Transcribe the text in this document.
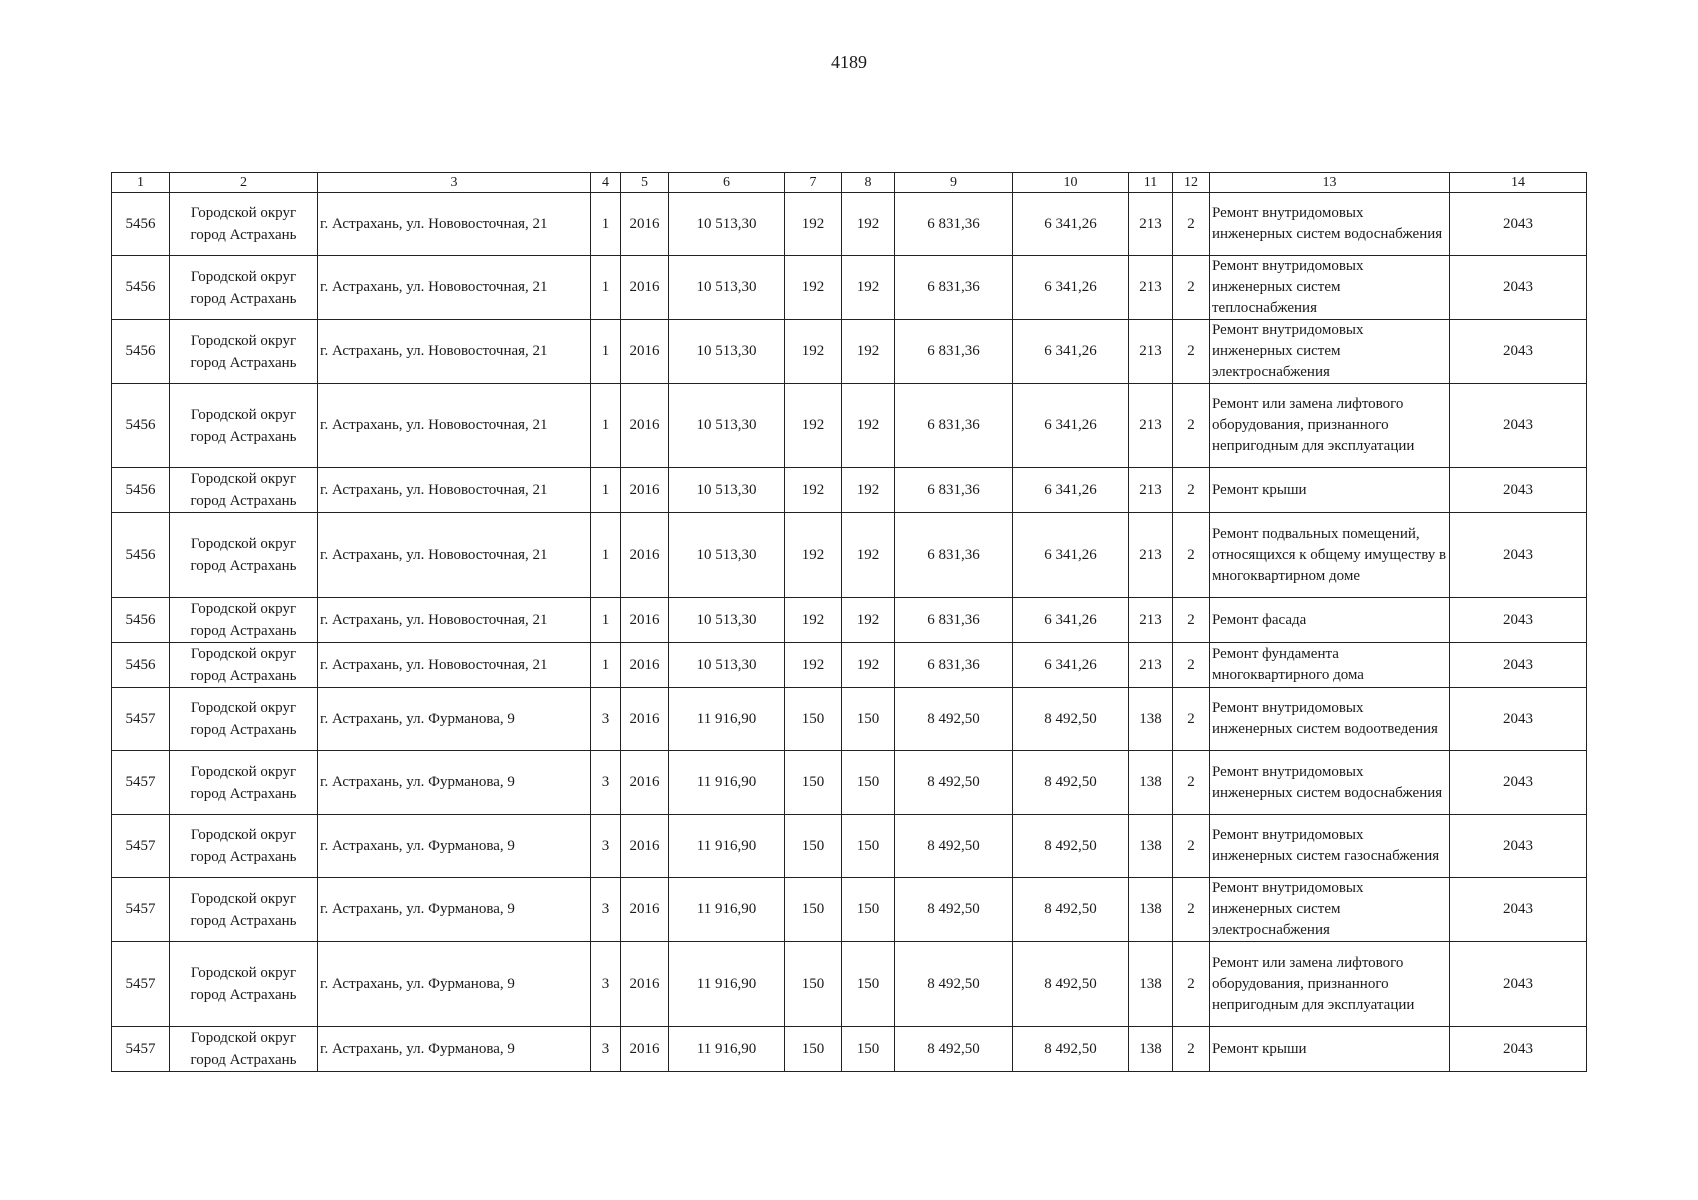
4189
1	2	3	4	5	6	7	8	9	10	11	12	13	14
5456	Городской округ город Астрахань	г. Астрахань, ул. Нововосточная, 21	1	2016	10 513,30	192	192	6 831,36	6 341,26	213	2	Ремонт внутридомовых инженерных систем водоснабжения	2043
5456	Городской округ город Астрахань	г. Астрахань, ул. Нововосточная, 21	1	2016	10 513,30	192	192	6 831,36	6 341,26	213	2	Ремонт внутридомовых инженерных систем теплоснабжения	2043
5456	Городской округ город Астрахань	г. Астрахань, ул. Нововосточная, 21	1	2016	10 513,30	192	192	6 831,36	6 341,26	213	2	Ремонт внутридомовых инженерных систем электроснабжения	2043
5456	Городской округ город Астрахань	г. Астрахань, ул. Нововосточная, 21	1	2016	10 513,30	192	192	6 831,36	6 341,26	213	2	Ремонт или замена лифтового оборудования, признанного непригодным для эксплуатации	2043
5456	Городской округ город Астрахань	г. Астрахань, ул. Нововосточная, 21	1	2016	10 513,30	192	192	6 831,36	6 341,26	213	2	Ремонт крыши	2043
5456	Городской округ город Астрахань	г. Астрахань, ул. Нововосточная, 21	1	2016	10 513,30	192	192	6 831,36	6 341,26	213	2	Ремонт подвальных помещений, относящихся к общему имуществу в многоквартирном доме	2043
5456	Городской округ город Астрахань	г. Астрахань, ул. Нововосточная, 21	1	2016	10 513,30	192	192	6 831,36	6 341,26	213	2	Ремонт фасада	2043
5456	Городской округ город Астрахань	г. Астрахань, ул. Нововосточная, 21	1	2016	10 513,30	192	192	6 831,36	6 341,26	213	2	Ремонт фундамента многоквартирного дома	2043
5457	Городской округ город Астрахань	г. Астрахань, ул. Фурманова, 9	3	2016	11 916,90	150	150	8 492,50	8 492,50	138	2	Ремонт внутридомовых инженерных систем водоотведения	2043
5457	Городской округ город Астрахань	г. Астрахань, ул. Фурманова, 9	3	2016	11 916,90	150	150	8 492,50	8 492,50	138	2	Ремонт внутридомовых инженерных систем водоснабжения	2043
5457	Городской округ город Астрахань	г. Астрахань, ул. Фурманова, 9	3	2016	11 916,90	150	150	8 492,50	8 492,50	138	2	Ремонт внутридомовых инженерных систем газоснабжения	2043
5457	Городской округ город Астрахань	г. Астрахань, ул. Фурманова, 9	3	2016	11 916,90	150	150	8 492,50	8 492,50	138	2	Ремонт внутридомовых инженерных систем электроснабжения	2043
5457	Городской округ город Астрахань	г. Астрахань, ул. Фурманова, 9	3	2016	11 916,90	150	150	8 492,50	8 492,50	138	2	Ремонт или замена лифтового оборудования, признанного непригодным для эксплуатации	2043
5457	Городской округ город Астрахань	г. Астрахань, ул. Фурманова, 9	3	2016	11 916,90	150	150	8 492,50	8 492,50	138	2	Ремонт крыши	2043
